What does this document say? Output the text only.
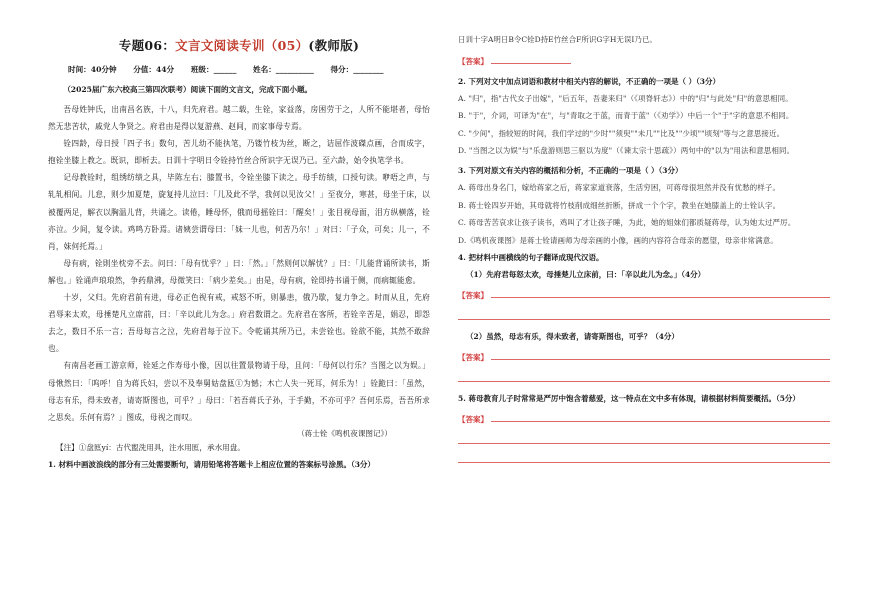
专题06：文言文阅读专训（05）(教师版)
时间：40分钟 分值：44分 班级：______ 姓名：__________ 得分：________
（2025届广东六校高三第四次联考）阅读下面的文言文，完成下面小题。

吾母姓钟氏，出南昌名族，十八，归先府君。越二载，生铨，家益落，房困劳于之，人所不能堪者，母怡然无悲苦状，戚党人争贤之。府君由是得以复游燕、赵间，而家事母专焉。

铨四龄，母日授「四子书」数句，苦儿幼不能执笔，乃镂竹枝为丝，断之，诘屈作波磔点画，合而成字，抱铨坐膝上教之。既识，即析去。日训十字明日令铨持竹丝合所识字无误乃已。至六龄，始令执笔学书。

记母教铨时，组绣纺绩之具，毕陈左右；膝置书，令铨坐膝下读之。母手纺绩，口授句读。咿唔之声，与轧轧相间。儿怠，则少加夏楚，旋复持儿泣曰：「儿及此不学，我何以见汝父！」至夜分，寒甚，母坐于床，以被覆两足，解衣以胸温儿背，共诵之。读倦，睡母怀，俄而母摇铨曰：「醒矣！」张目视母面，泪方纵横落，铨亦泣。少间，复令读。鸡鸣方卧焉。诸姨尝谓母曰：「妹一儿也，何苦乃尔！」对曰：「子众，可矣；儿一，不肖，妹何托焉。」

母有病，铨則坐枕旁不去。问曰：「母有忧乎？」曰：「然。」「然则何以解忧？」曰：「儿能背诵所读书，斯解也。」铨诵声琅琅然，争药鼎沸，母微笑曰：「病少差矣。」由是，母有病，铨即持书诵于侧，而病辄能愈。

十岁，父归。先府君前有进，母必正色视有戒，戒怒不听，则暴恚，俄乃歇，复力争之。时而从且，先府君辱来太欢，母捶楚凡立席前，曰：「辛以此儿为念。」府君数谓之。先府君在客所，若铨辛苦是，娟忍，即怨去之，数日不乐一言；吾母每言之泣，先府君每于泣下。令乾诵其所乃已，未尝铨也。铨欲不能，其然不敢辞也。

有南昌老画工游京师，铨延之作寿母小像，因以往置景物请于母，且问：「母何以行乐？当图之以为娱。」母愀然曰：「呜呼！自为蒋氏妇，尝以不及奉舅姑盘匜①为憾；木亡人失一死耳，何乐为！」铨跪曰：「虽然，母志有乐，得未致者，请寄斯图也，可乎？」母曰：「若吾蒋氏子孙，于手勤，不亦可乎？吾何乐焉，吾吾所求之思矣。乐何有焉？」图成，母视之而叹。

（蒋士铨《鸣机夜课图记》）
【注】①盘匜yí：古代盥洗用具，注水用匜，承水用盘。
1. 材料中画波浪线的部分有三处需要断句，请用铅笔将答题卡上相应位置的答案标号涂黑。（3分）

日训十字A明日B令C铨D持E竹丝合F所识G字H无误I乃已。

【答案】

2. 下列对文中加点词语和教材中相关内容的解说，不正确的一项是（ ）（3分）

A. "归"，指"古代女子出嫁"，"后五年，吾妻来归"（《项脊轩志》）中的"归"与此处"归"的意思相同。

B. "于"，介词，可译为"在"，与"青取之于蓝，而青于蓝"（《劝学》）中后一个"于"字的意思不相同。

C. "少间"，指较短的时间，我们学过的"少时""须臾""未几""比及""少顷""顷刻"等与之意思接近。

D. "当图之以为娱"与"乐盘游则思三驱以为度"（《谏太宗十思疏》）两句中的"以为"用法和意思相同。

3. 下列对原文有关内容的概括和分析，不正确的一项是（ ）（3分）

A. 蒋母出身名门，嫁给蒋家之后，蒋家家道衰落，生活穷困，可蒋母很坦然并没有忧愁的样子。

B. 蒋士铨四岁开始，其母就将竹枝削成细丝折断，拼成一个个字，教坐在她膝盖上的士铨认字。

C. 蒋母苦苦哀求让孩子读书，鸡叫了才让孩子睡，为此，她的姐妹们都质疑蒋母，认为她太过严厉。

D.《鸣机夜课图》是蒋士铨请画师为母亲画的小像，画的内容符合母亲的愿望，母亲非常满意。

4. 把材料中画横线的句子翻译成现代汉语。

（1）先府君每怒太欢，母捶楚儿立床前，曰：「辛以此儿为念。」（4分）

【答案】

（2）虽然，母志有乐，得未致者，请寄斯图也，可乎？（4分）

【答案】

5. 蒋母教育儿子时常常是严厉中饱含着慈爱，这一特点在文中多有体现，请根据材料简要概括。（5分）

【答案】
